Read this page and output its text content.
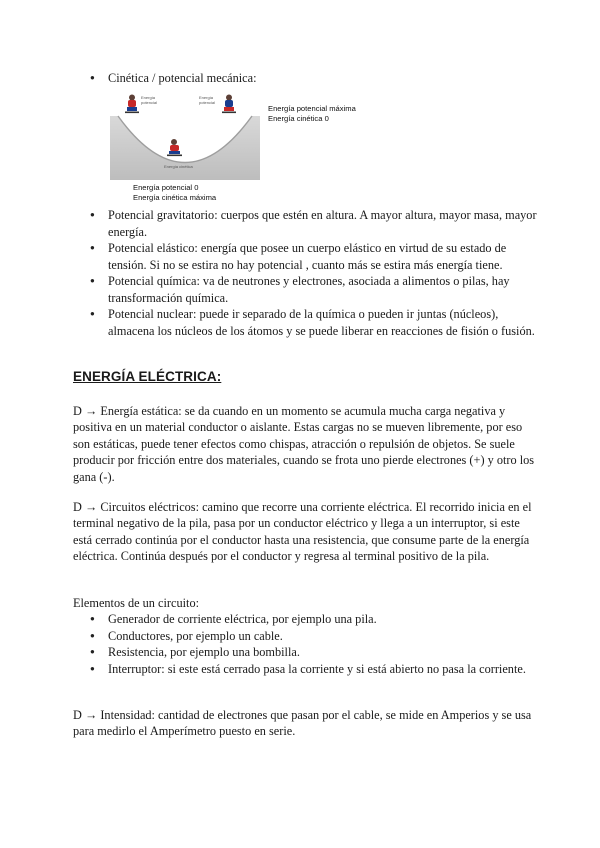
● Cinética / potencial mecánica:
Energía
potencial
Energía
potencial
Energía cinética
Energía potencial máxima
Energía cinética 0
Energía potencial 0
Energía cinética máxima
● Potencial gravitatorio: cuerpos que estén en altura. A mayor altura, mayor masa, mayor energía.
● Potencial elástico: energía que posee un cuerpo elástico en virtud de su estado de tensión. Si no se estira no hay potencial , cuanto más se estira más energía tiene.
● Potencial química: va de neutrones y electrones, asociada a alimentos o pilas, hay transformación química.
● Potencial nuclear: puede ir separado de la química o pueden ir juntas (núcleos), almacena los núcleos de los átomos y se puede liberar en reacciones de fisión o fusión.
ENERGÍA ELÉCTRICA:

D → Energía estática: se da cuando en un momento se acumula mucha carga negativa y positiva en un material conductor o aislante. Estas cargas no se mueven libremente, por eso son estáticas, puede tener efectos como chispas, atracción o repulsión de objetos. Se suele producir por fricción entre dos materiales, cuando se frota uno pierde electrones (+) y otro los gana (-).

D → Circuitos eléctricos: camino que recorre una corriente eléctrica. El recorrido inicia en el terminal negativo de la pila, pasa por un conductor eléctrico y llega a un interruptor, si este está cerrado continúa por el conductor hasta una resistencia, que consume parte de la energía eléctrica. Continúa después por el conductor y regresa al terminal positivo de la pila.

Elementos de un circuito:

● Generador de corriente eléctrica, por ejemplo una pila.
● Conductores, por ejemplo un cable.
● Resistencia, por ejemplo una bombilla.
● Interruptor: si este está cerrado pasa la corriente y si está abierto no pasa la corriente.

D → Intensidad: cantidad de electrones que pasan por el cable, se mide en Amperios y se usa para medirlo el Amperímetro puesto en serie.
